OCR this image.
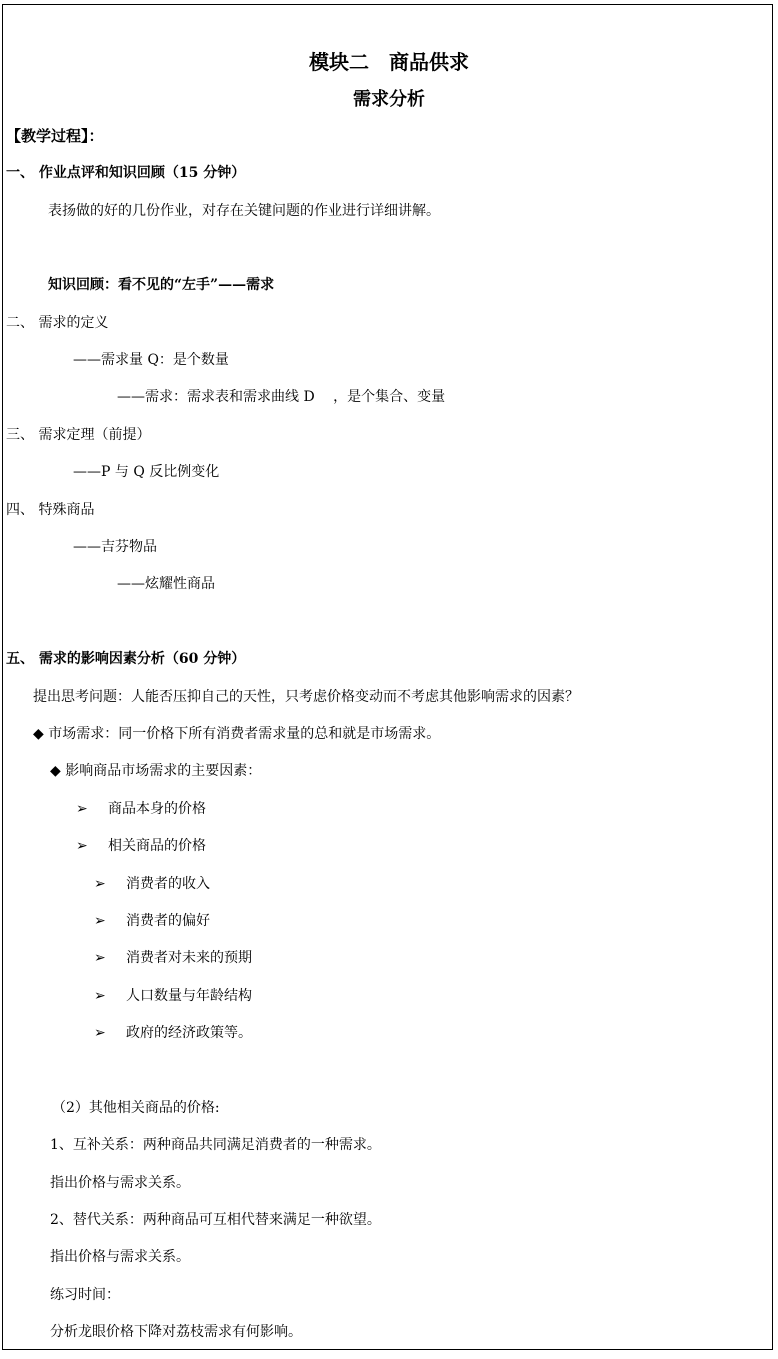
模块二　商品供求
需求分析
【教学过程】：
一、 作业点评和知识回顾（15 分钟）
表扬做的好的几份作业，对存在关键问题的作业进行详细讲解。
知识回顾：看不见的“左手”——需求
二、 需求的定义
——需求量 Q：是个数量
——需求：需求表和需求曲线 D　 ，是个集合、变量
三、 需求定理（前提）
——P 与 Q 反比例变化
四、 特殊商品
——吉芬物品
——炫耀性商品
五、 需求的影响因素分析（60 分钟）
提出思考问题：人能否压抑自己的天性，只考虑价格变动而不考虑其他影响需求的因素？
◆ 市场需求：同一价格下所有消费者需求量的总和就是市场需求。
◆ 影响商品市场需求的主要因素：
➢ 商品本身的价格
➢ 相关商品的价格
➢ 消费者的收入
➢ 消费者的偏好
➢ 消费者对未来的预期
➢ 人口数量与年龄结构
➢ 政府的经济政策等。
（2）其他相关商品的价格:
1、互补关系：两种商品共同满足消费者的一种需求。
指出价格与需求关系。
2、替代关系：两种商品可互相代替来满足一种欲望。
指出价格与需求关系。
练习时间：
分析龙眼价格下降对荔枝需求有何影响。
